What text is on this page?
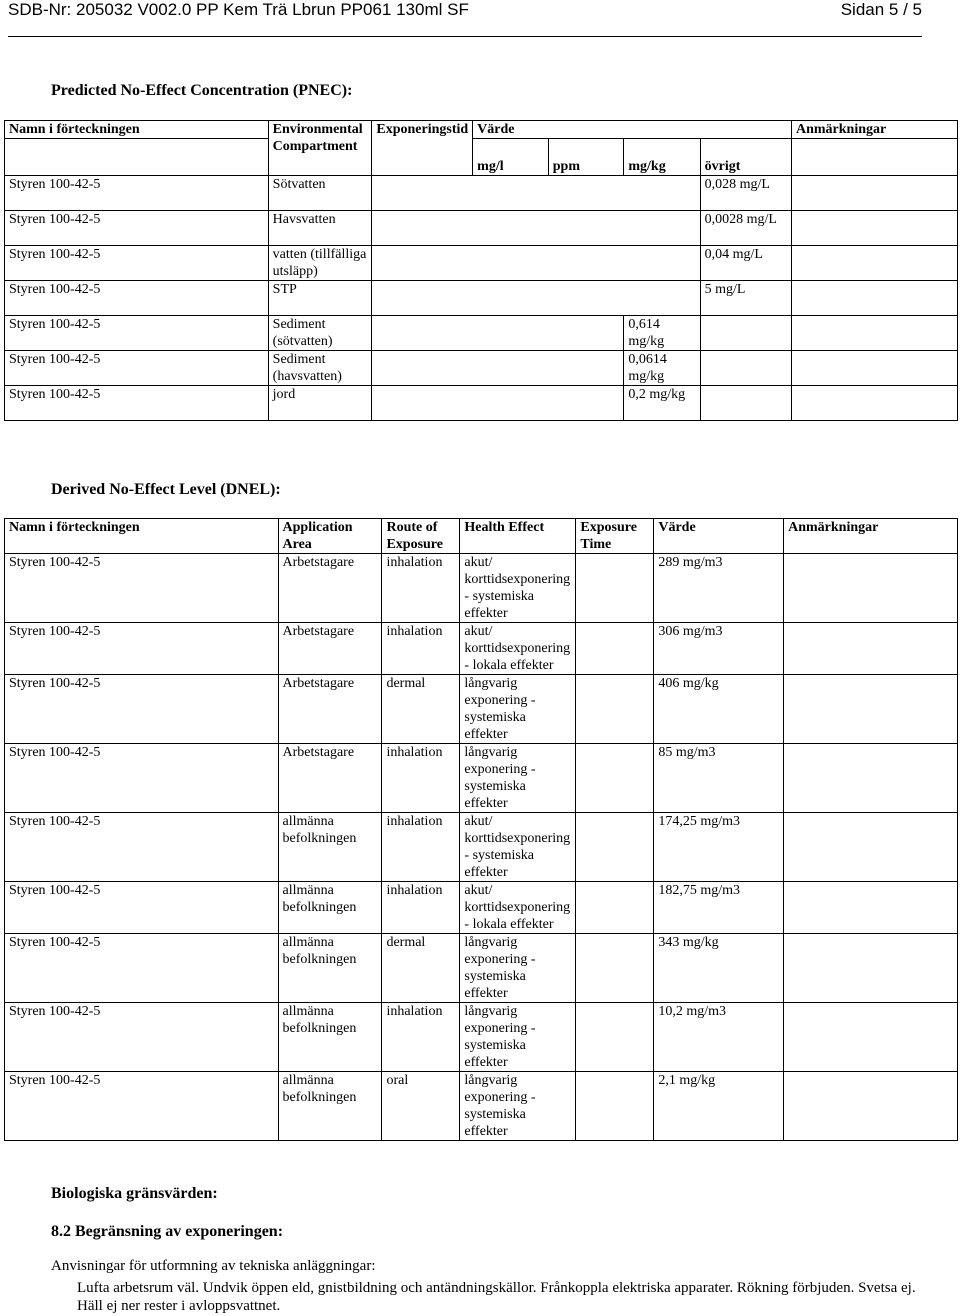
SDB-Nr: 205032 V002.0 PP Kem Trä Lbrun PP061 130ml SF	Sidan 5 / 5
Predicted No-Effect Concentration (PNEC):
Namn i förteckningen	Environmental Compartment	Exponeringstid	Värde				Anmärkningar
			mg/l	ppm	mg/kg	övrigt	
Styren 100-42-5	Sötvatten					0,028 mg/L	
Styren 100-42-5	Havsvatten					0,0028 mg/L	
Styren 100-42-5	vatten (tillfälliga utsläpp)					0,04 mg/L	
Styren 100-42-5	STP					5 mg/L	
Styren 100-42-5	Sediment (sötvatten)				0,614 mg/kg		
Styren 100-42-5	Sediment (havsvatten)				0,0614 mg/kg		
Styren 100-42-5	jord				0,2 mg/kg		
Derived No-Effect Level (DNEL):
Namn i förteckningen	Application Area	Route of Exposure	Health Effect	Exposure Time	Värde	Anmärkningar
Styren 100-42-5	Arbetstagare	inhalation	akut/ korttidsexponering - systemiska effekter		289 mg/m3	
Styren 100-42-5	Arbetstagare	inhalation	akut/ korttidsexponering - lokala effekter		306 mg/m3	
Styren 100-42-5	Arbetstagare	dermal	långvarig exponering - systemiska effekter		406 mg/kg	
Styren 100-42-5	Arbetstagare	inhalation	långvarig exponering - systemiska effekter		85 mg/m3	
Styren 100-42-5	allmänna befolkningen	inhalation	akut/ korttidsexponering - systemiska effekter		174,25 mg/m3	
Styren 100-42-5	allmänna befolkningen	inhalation	akut/ korttidsexponering - lokala effekter		182,75 mg/m3	
Styren 100-42-5	allmänna befolkningen	dermal	långvarig exponering - systemiska effekter		343 mg/kg	
Styren 100-42-5	allmänna befolkningen	inhalation	långvarig exponering - systemiska effekter		10,2 mg/m3	
Styren 100-42-5	allmänna befolkningen	oral	långvarig exponering - systemiska effekter		2,1 mg/kg	
Biologiska gränsvärden:
8.2 Begränsning av exponeringen:
Anvisningar för utformning av tekniska anläggningar:
Lufta arbetsrum väl. Undvik öppen eld, gnistbildning och antändningskällor. Frånkoppla elektriska apparater. Rökning förbjuden. Svetsa ej. Häll ej ner rester i avloppsvattnet.
